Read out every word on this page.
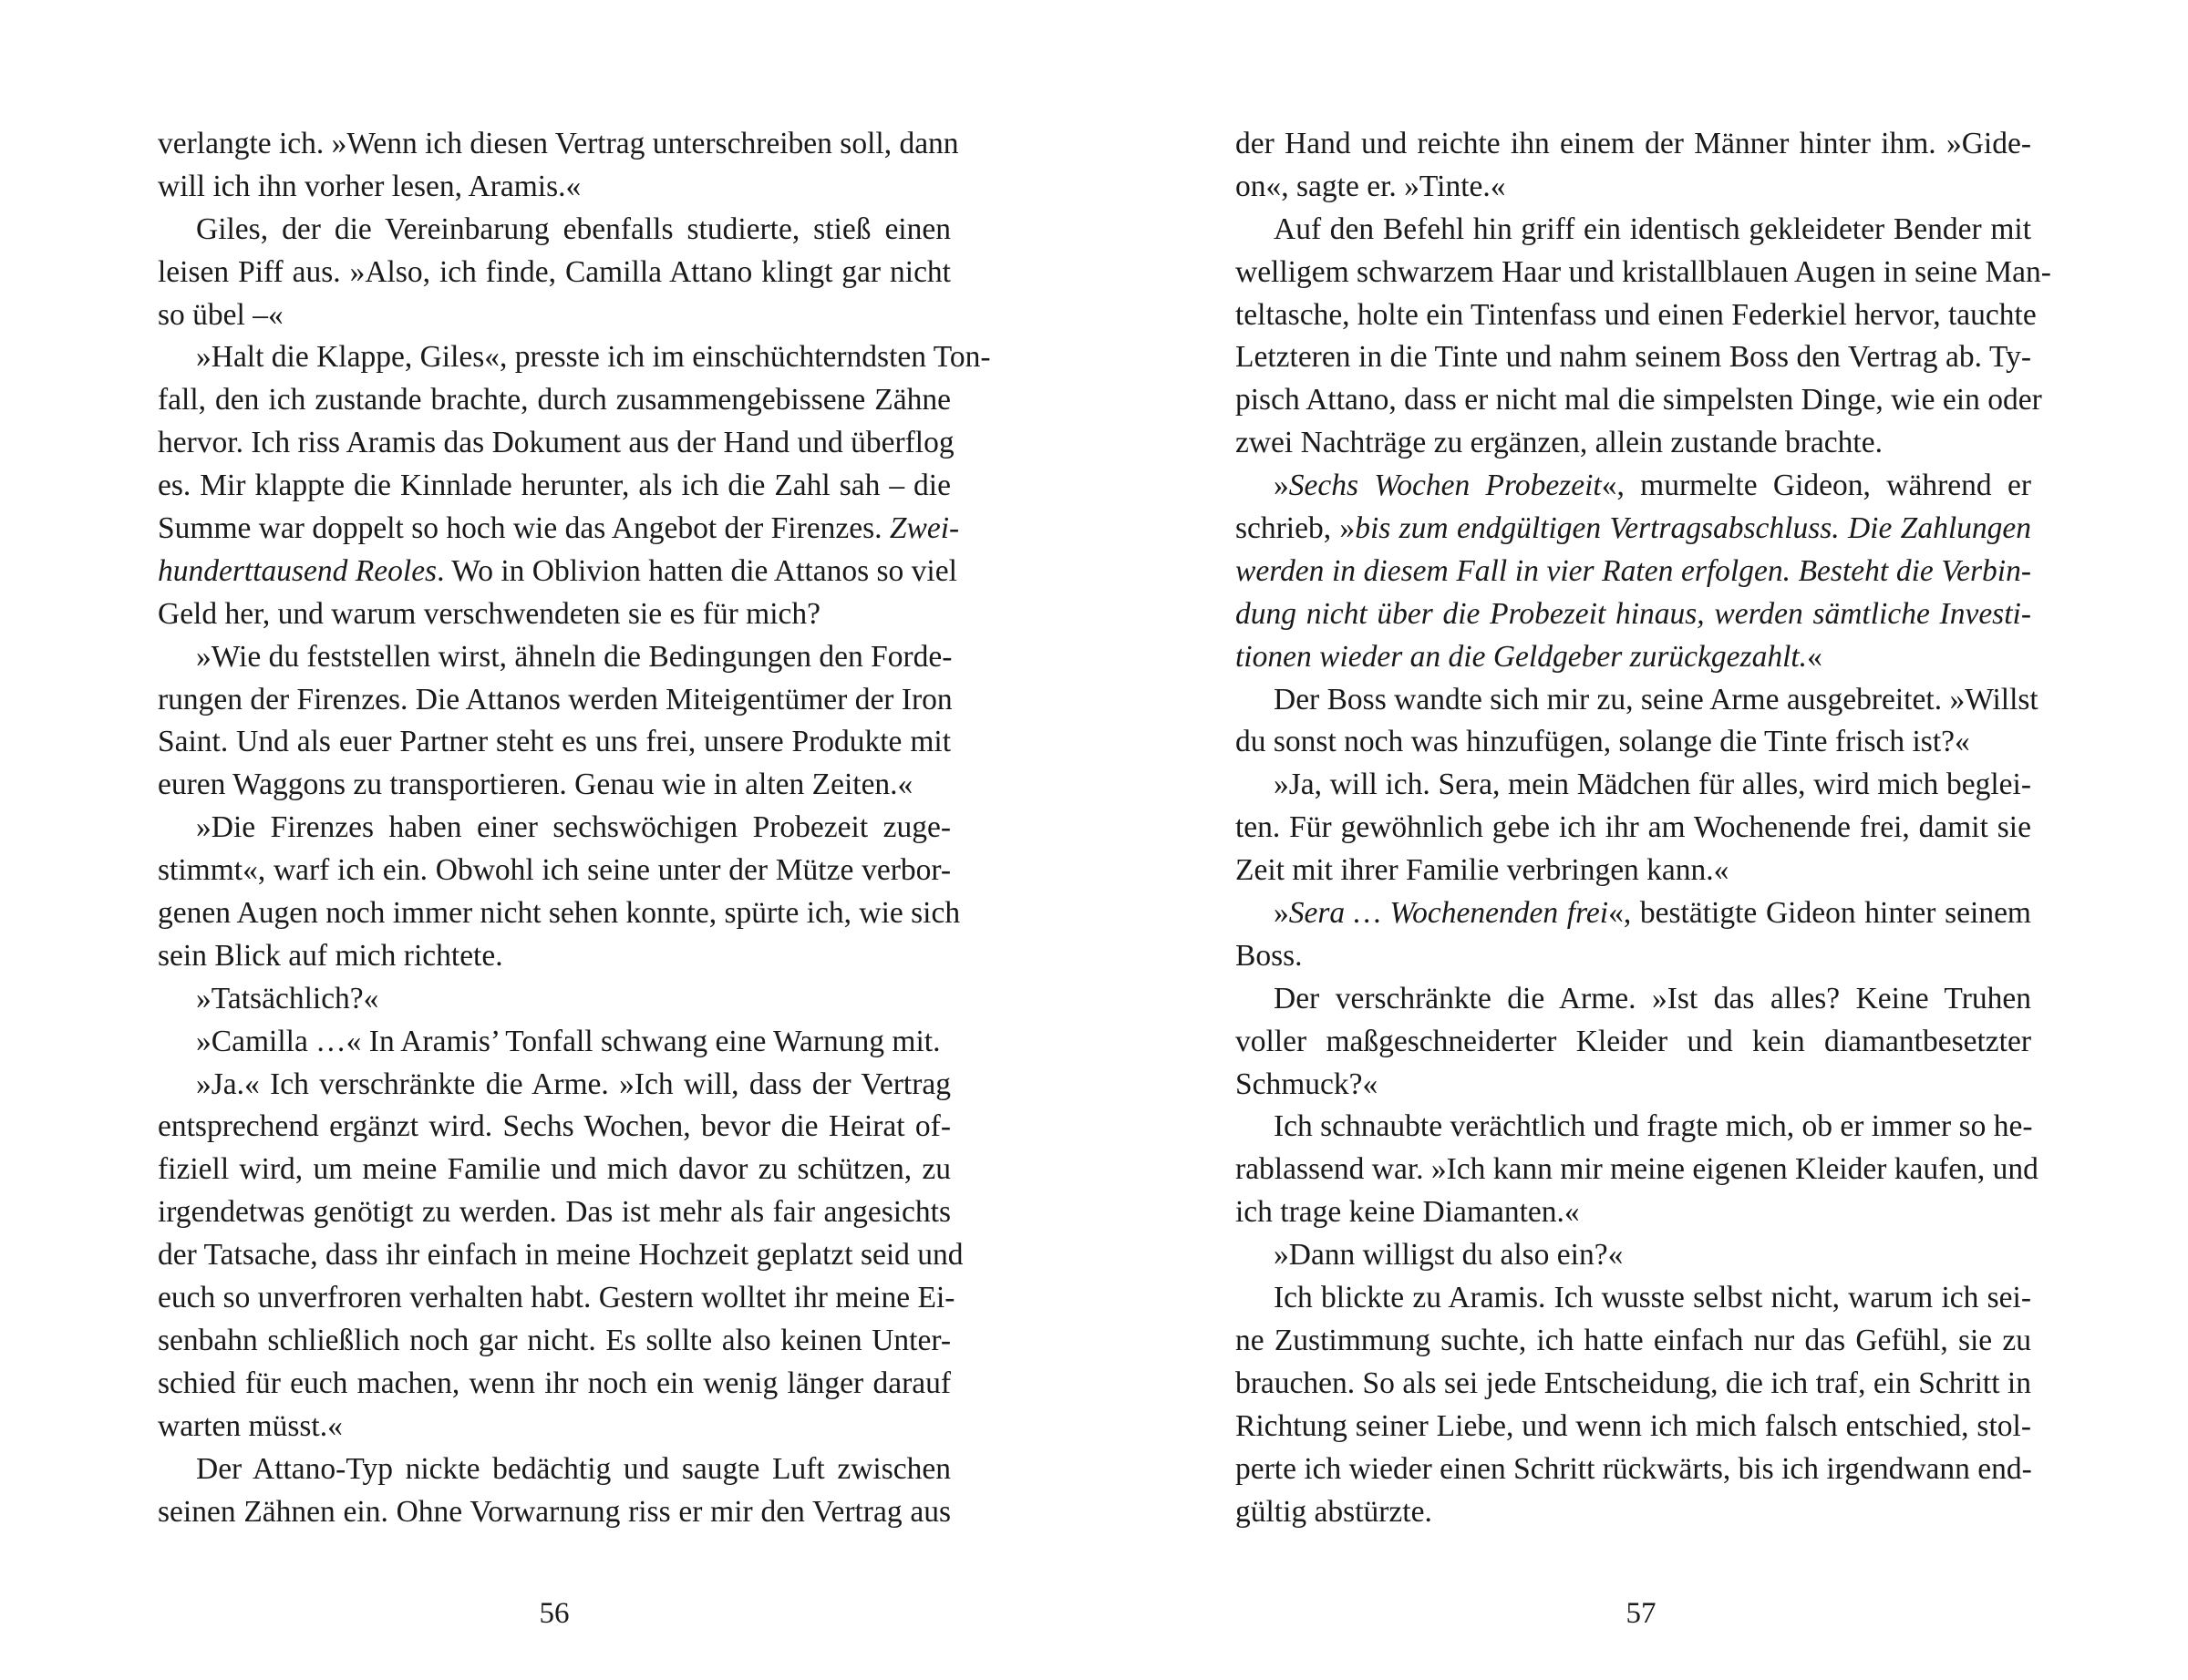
verlangte ich. »Wenn ich diesen Vertrag unterschreiben soll, dann
will ich ihn vorher lesen, Aramis.«
Giles, der die Vereinbarung ebenfalls studierte, stieß einen
leisen Piff aus. »Also, ich finde, Camilla Attano klingt gar nicht
so übel –«
»Halt die Klappe, Giles«, presste ich im einschüchterndsten Ton-
fall, den ich zustande brachte, durch zusammengebissene Zähne
hervor. Ich riss Aramis das Dokument aus der Hand und überflog
es. Mir klappte die Kinnlade herunter, als ich die Zahl sah – die
Summe war doppelt so hoch wie das Angebot der Firenzes. Zwei-
hunderttausend Reoles. Wo in Oblivion hatten die Attanos so viel
Geld her, und warum verschwendeten sie es für mich?
»Wie du feststellen wirst, ähneln die Bedingungen den Forde-
rungen der Firenzes. Die Attanos werden Miteigentümer der Iron
Saint. Und als euer Partner steht es uns frei, unsere Produkte mit
euren Waggons zu transportieren. Genau wie in alten Zeiten.«
»Die Firenzes haben einer sechswöchigen Probezeit zuge-
stimmt«, warf ich ein. Obwohl ich seine unter der Mütze verbor-
genen Augen noch immer nicht sehen konnte, spürte ich, wie sich
sein Blick auf mich richtete.
»Tatsächlich?«
»Camilla …« In Aramis’ Tonfall schwang eine Warnung mit.
»Ja.« Ich verschränkte die Arme. »Ich will, dass der Vertrag
entsprechend ergänzt wird. Sechs Wochen, bevor die Heirat of-
fiziell wird, um meine Familie und mich davor zu schützen, zu
irgendetwas genötigt zu werden. Das ist mehr als fair angesichts
der Tatsache, dass ihr einfach in meine Hochzeit geplatzt seid und
euch so unverfroren verhalten habt. Gestern wolltet ihr meine Ei-
senbahn schließlich noch gar nicht. Es sollte also keinen Unter-
schied für euch machen, wenn ihr noch ein wenig länger darauf
warten müsst.«
Der Attano-Typ nickte bedächtig und saugte Luft zwischen
seinen Zähnen ein. Ohne Vorwarnung riss er mir den Vertrag aus
56
der Hand und reichte ihn einem der Männer hinter ihm. »Gide-
on«, sagte er. »Tinte.«
Auf den Befehl hin griff ein identisch gekleideter Bender mit
welligem schwarzem Haar und kristallblauen Augen in seine Man-
teltasche, holte ein Tintenfass und einen Federkiel hervor, tauchte
Letzteren in die Tinte und nahm seinem Boss den Vertrag ab. Ty-
pisch Attano, dass er nicht mal die simpelsten Dinge, wie ein oder
zwei Nachträge zu ergänzen, allein zustande brachte.
»Sechs Wochen Probezeit«, murmelte Gideon, während er
schrieb, »bis zum endgültigen Vertragsabschluss. Die Zahlungen
werden in diesem Fall in vier Raten erfolgen. Besteht die Verbin-
dung nicht über die Probezeit hinaus, werden sämtliche Investi-
tionen wieder an die Geldgeber zurückgezahlt.«
Der Boss wandte sich mir zu, seine Arme ausgebreitet. »Willst
du sonst noch was hinzufügen, solange die Tinte frisch ist?«
»Ja, will ich. Sera, mein Mädchen für alles, wird mich beglei-
ten. Für gewöhnlich gebe ich ihr am Wochenende frei, damit sie
Zeit mit ihrer Familie verbringen kann.«
»Sera … Wochenenden frei«, bestätigte Gideon hinter seinem
Boss.
Der verschränkte die Arme. »Ist das alles? Keine Truhen
voller maßgeschneiderter Kleider und kein diamantbesetzter
Schmuck?«
Ich schnaubte verächtlich und fragte mich, ob er immer so he-
rablassend war. »Ich kann mir meine eigenen Kleider kaufen, und
ich trage keine Diamanten.«
»Dann willigst du also ein?«
Ich blickte zu Aramis. Ich wusste selbst nicht, warum ich sei-
ne Zustimmung suchte, ich hatte einfach nur das Gefühl, sie zu
brauchen. So als sei jede Entscheidung, die ich traf, ein Schritt in
Richtung seiner Liebe, und wenn ich mich falsch entschied, stol-
perte ich wieder einen Schritt rückwärts, bis ich irgendwann end-
gültig abstürzte.
57
